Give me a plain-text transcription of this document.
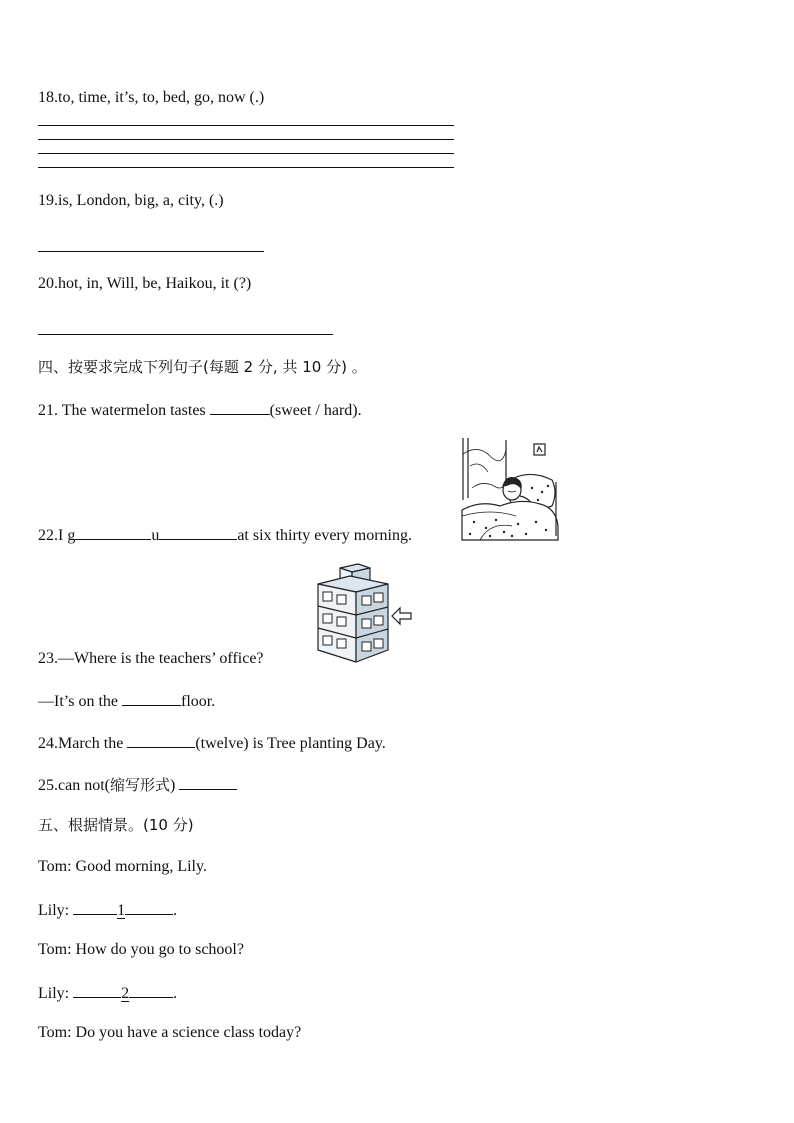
18.to, time, it’s, to, bed, go, now (.)
19.is, London, big, a, city, (.)
20.hot, in, Will, be, Haikou, it (?)
四、按要求完成下列句子(每题 2 分, 共 10 分) 。
21. The watermelon tastes	(sweet / hard).
22.I g	u	at six thirty every morning.
23.—Where is the teachers’ office?
—It’s on the	floor.
24.March the	(twelve) is Tree planting Day.
25.can not(缩写形式)
五、根据情景。(10 分)
Tom: Good morning, Lily.
Lily:	1	.
Tom: How do you go to school?
Lily:	2	.
Tom: Do you have a science class today?
